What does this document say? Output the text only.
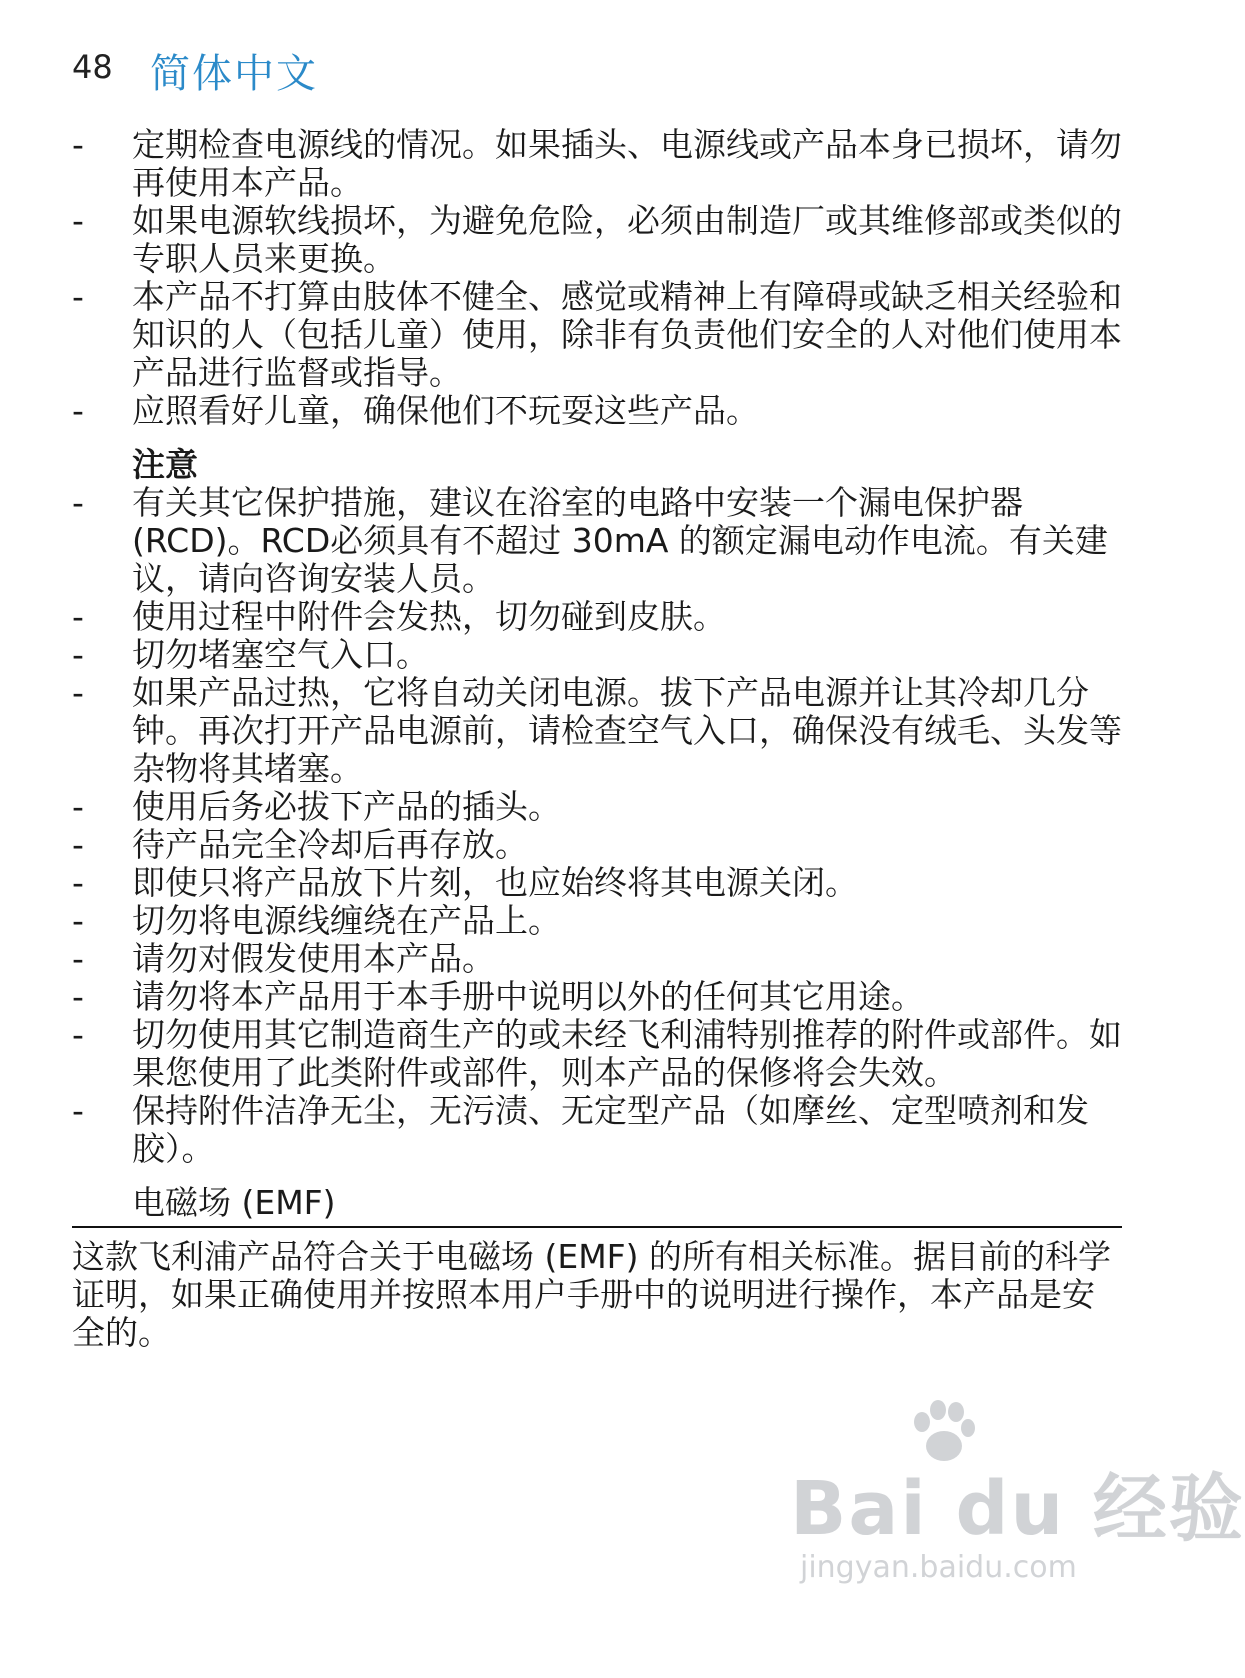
48 简体中文
- 定期检查电源线的情况。如果插头、电源线或产品本身已损坏，请勿再使用本产品。
- 如果电源软线损坏，为避免危险，必须由制造厂或其维修部或类似的专职人员来更换。
- 本产品不打算由肢体不健全、感觉或精神上有障碍或缺乏相关经验和知识的人（包括儿童）使用，除非有负责他们安全的人对他们使用本产品进行监督或指导。
- 应照看好儿童，确保他们不玩耍这些产品。
注意
- 有关其它保护措施，建议在浴室的电路中安装一个漏电保护器 (RCD)。RCD必须具有不超过 30mA 的额定漏电动作电流。有关建议，请向咨询安装人员。
- 使用过程中附件会发热，切勿碰到皮肤。
- 切勿堵塞空气入口。
- 如果产品过热，它将自动关闭电源。拔下产品电源并让其冷却几分钟。再次打开产品电源前，请检查空气入口，确保没有绒毛、头发等杂物将其堵塞。
- 使用后务必拔下产品的插头。
- 待产品完全冷却后再存放。
- 即使只将产品放下片刻，也应始终将其电源关闭。
- 切勿将电源线缠绕在产品上。
- 请勿对假发使用本产品。
- 请勿将本产品用于本手册中说明以外的任何其它用途。
- 切勿使用其它制造商生产的或未经飞利浦特别推荐的附件或部件。如果您使用了此类附件或部件，则本产品的保修将会失效。
- 保持附件洁净无尘，无污渍、无定型产品（如摩丝、定型喷剂和发胶）。
电磁场 (EMF)

这款飞利浦产品符合关于电磁场 (EMF) 的所有相关标准。据目前的科学证明，如果正确使用并按照本用户手册中的说明进行操作，本产品是安全的。

Bai du 经验
jingyan.baidu.com
